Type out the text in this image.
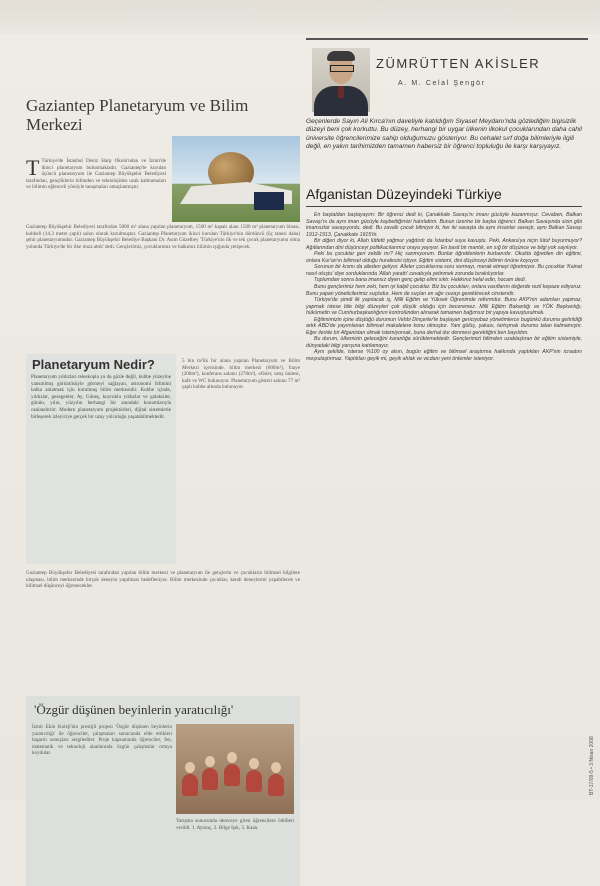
Gaziantep Planetaryum ve Bilim Merkezi
T Türkiye'de İstanbul Deniz Harp Okulu'ndan ve İzmir'de ikinci planetaryum bulunmaktadır. Gaziantep'te kurulan üçüncü planetaryum ile Gaziantep Büyükşehir Belediyesi tarafından, gençliklerin bilimden ve teknolojiden uzak kalmamaları ve bilimin eğlenceli yönüyle tanışmaları amaçlanmıştır.
Gaziantep Büyükşehir Belediyesi tarafından 5000 m² alana yapılan planetaryum, 1500 m² kapalı alanı 1500 m² planetaryum binası, kubbeli (14,3 metre çaplı) salon olarak kurulmuştur. Gaziantep Planetaryum ikinci kurulan Türkiye'nin dördüncü (üç tanesi daha) şehir planetaryumudur. Gaziantep Büyükşehir Belediye Başkanı Dr. Asım Güzelbey 'Türkiye'nin ilk ve tek çocuk planetaryumu olma yolunda Türkiye'de bir ilke imza attık' dedi. Gençlerimiz, çocuklarımız ve halkımız bilimin ışığında yetişecek.
Planetaryum Nedir?
Planetaryum yıldızları teleskopla ya da gözle değil, kubbe yüzeyine yansıtılmış görüntüsüyle görmeyi sağlayan, astronomi bilimini halka anlatmak için kurulmuş bilim merkezidir. Kubbe içinde, yıldızlar, gezegenler, Ay, Güneş, kuyruklu yıldızlar ve galaksiler, günün, yılın, yüzyılın herhangi bir anındaki konumlarıyla canlandırılır. Modern planetaryum projektörleri, dijital sistemlerle birleşerek izleyiciye gerçek bir uzay yolculuğu yaşatabilmektedir.
5 bin m²lik bir alana yapılan Planetaryum ve Bilim Merkezi içerisinde, bilim merkezi (600m²), fuaye (200m²), konferans salonu (270m²), ofisler, satış ünitesi, kafe ve WC bulunuyor. Planetaryum gösteri salonu 77 m² çaplı kubbe altında bulunuyor.
Gaziantep Büyükşehir Belediyesi tarafından yapılan bilim merkezi ve planetaryum ile gençlerin ve çocukların bilimsel bilgilere ulaşması, bilim merkezinde birçok deneyin yapılması hedefleniyor. Bilim merkezinde çocuklar, kendi deneylerini yapabilecek ve bilimsel düşünceyi öğrenecekler.
'Özgür düşünen beyinlerin yaratıcılığı'
İzmir Ekin Koleji'nin prestijli projesi 'Özgür düşünen beyinlerin yaratıcılığı' ile öğrenciler, çalışmaları sonucunda elde ettikleri başarılı sonuçları sergilediler. Proje kapsamında öğrenciler, fen, matematik ve teknoloji alanlarında özgün çalışmalar ortaya koydular.
Yarışma sonucunda dereceye giren öğrencilere ödülleri verildi. 1. Aytunç, 2. Bilge Işık, 3. Kaan.
ZÜMRÜTTEN AKİSLER
A. M. Celal Şengör
Geçenlerde Sayın Ali Kırca'nın davetiyle katıldığım Siyaset Meydanı'nda gözlediğim bigisizlik düzeyi beni çok korkuttu. Bu düzey, herhangi bir uygar ülkenin ilkokul çocuklarından daha cahil üniversite öğrencilerimize sahip olduğumuzu gösteriyor. Bu cehalet sırf doğa bilimleriyle ilgili değil, en yakın tarihimizden tamamen habersiz bir öğrenci topluluğu ile karşı karşıyayız.
Afganistan Düzeyindeki Türkiye

En baştaldan başlayayım: Bir öğrenci dedi ki, Çanakkale Savaşı'nı imanı gücüyle kazanmışız. Cevaben, Balkan Savaşı'nı da aynı iman gücüyle kaybettiğimizi hatırlattım. Bunun üzerine bir başka öğrenci: Balkan Savaşında sizin gibi imansızlar savaşıyordu, dedi. Bu zavallı çocuk bilmiyor ki, her iki savaşta da aynı insanlar savaştı, aynı Balkan Savaşı 1912-1913, Çanakkale 1915'tir.

Bir diğeri diyor ki, Allah lütfetti yağmur yağdırdı da İstanbul suya kavuştu. Peki, Ankara'ya niçin lütuf buyurmuyor? Ağıtlarından dini düşünceyi politikacılarımız oraya yayıyor. En basit bir mantık, en sığ bir düşünce ve bilgi yok sayılıyor.

Peki bu çocuklar geri zekâlı mı? Hiç sanmıyorum. Bunlar öğretilenlerin kurbanıdır. Okulda öğretilen din eğitimi, onlara Kur'an'ın bilimsel olduğu hurafesini işliyor. Eğitim sistemi, dini düşünceyi bilimin önüne koyuyor.

Sorunun bir kısmı da aileden geliyor. Aileler çocuklarına soru sormayı, merak etmeyi öğretmiyor. Bu çocuklar 'Kainat nasıl oluştu' diye sorduklarında 'Allah yarattı' cevabıyla yetinmek zorunda bırakılıyorlar.

Toplumdan sonra bana imansız diyen genç gelip elimi sıktı: Hakkınız helal edin, hocam dedi.

Bunu gençlerimiz hem zeki, hem iyi kalpli çocuklar. Biz bu çocukları, onlara vasıflarını değerde rezil kepaze ediyoruz. Bunu yapan yöneticilerimiz suçludur. Hem de suçları en ağır cezayı gerektirecek cinstendir.

Türkiye'de şimdi ilk yapılacak iş, Milli Eğitim ve Yüksek Öğrenimde reformdur. Bunu AKP'nin adamları yapmaz, yapmak istese bile bilgi düzeyleri çok düşük olduğu için beceremez. Milli Eğitim Bakanlığı ve YÖK Başkanlığı, hükümetin ve Cumhurbaşkanlığının kontrolünden alınarak tamamen bağımsız bir yapıya kavuşturulmalı.

Eğitimimizin içine düştüğü durumun Vehbi Dinçerler'le başlayan gericiyobaz yönetimlerce bugünkü duruma getirildiği artık ABD'de yayımlanan bilimsel makalelere konu olmuştur. Yani gülüş, şakası, tartışmalı durumu talan kalmamıştır. Eğer ileride bir Afganistan olmak istemiyorsak, buna derhal dur denmesi gerektiğini ben bayıldım.

Bu durum, ülkemizin geleceğini karanlığa sürüklemektedir. Gençlerimizi bilimden uzaklaştıran bir eğitim sistemiyle, dünyadaki bilgi yarışına katılamayız.

Aynı şekilde, isterse %100 oy alsın, bugün eğitim ve bilimsel araştırma hakkında yaptıkları AKP'nin icraatını meşrulaştırmaz. Yaptıkları geyik mi, geyik ahlak ve vicdanı yeni önlemler isteniyor.

BT-17/09-5 • 3 Nisan 2008
